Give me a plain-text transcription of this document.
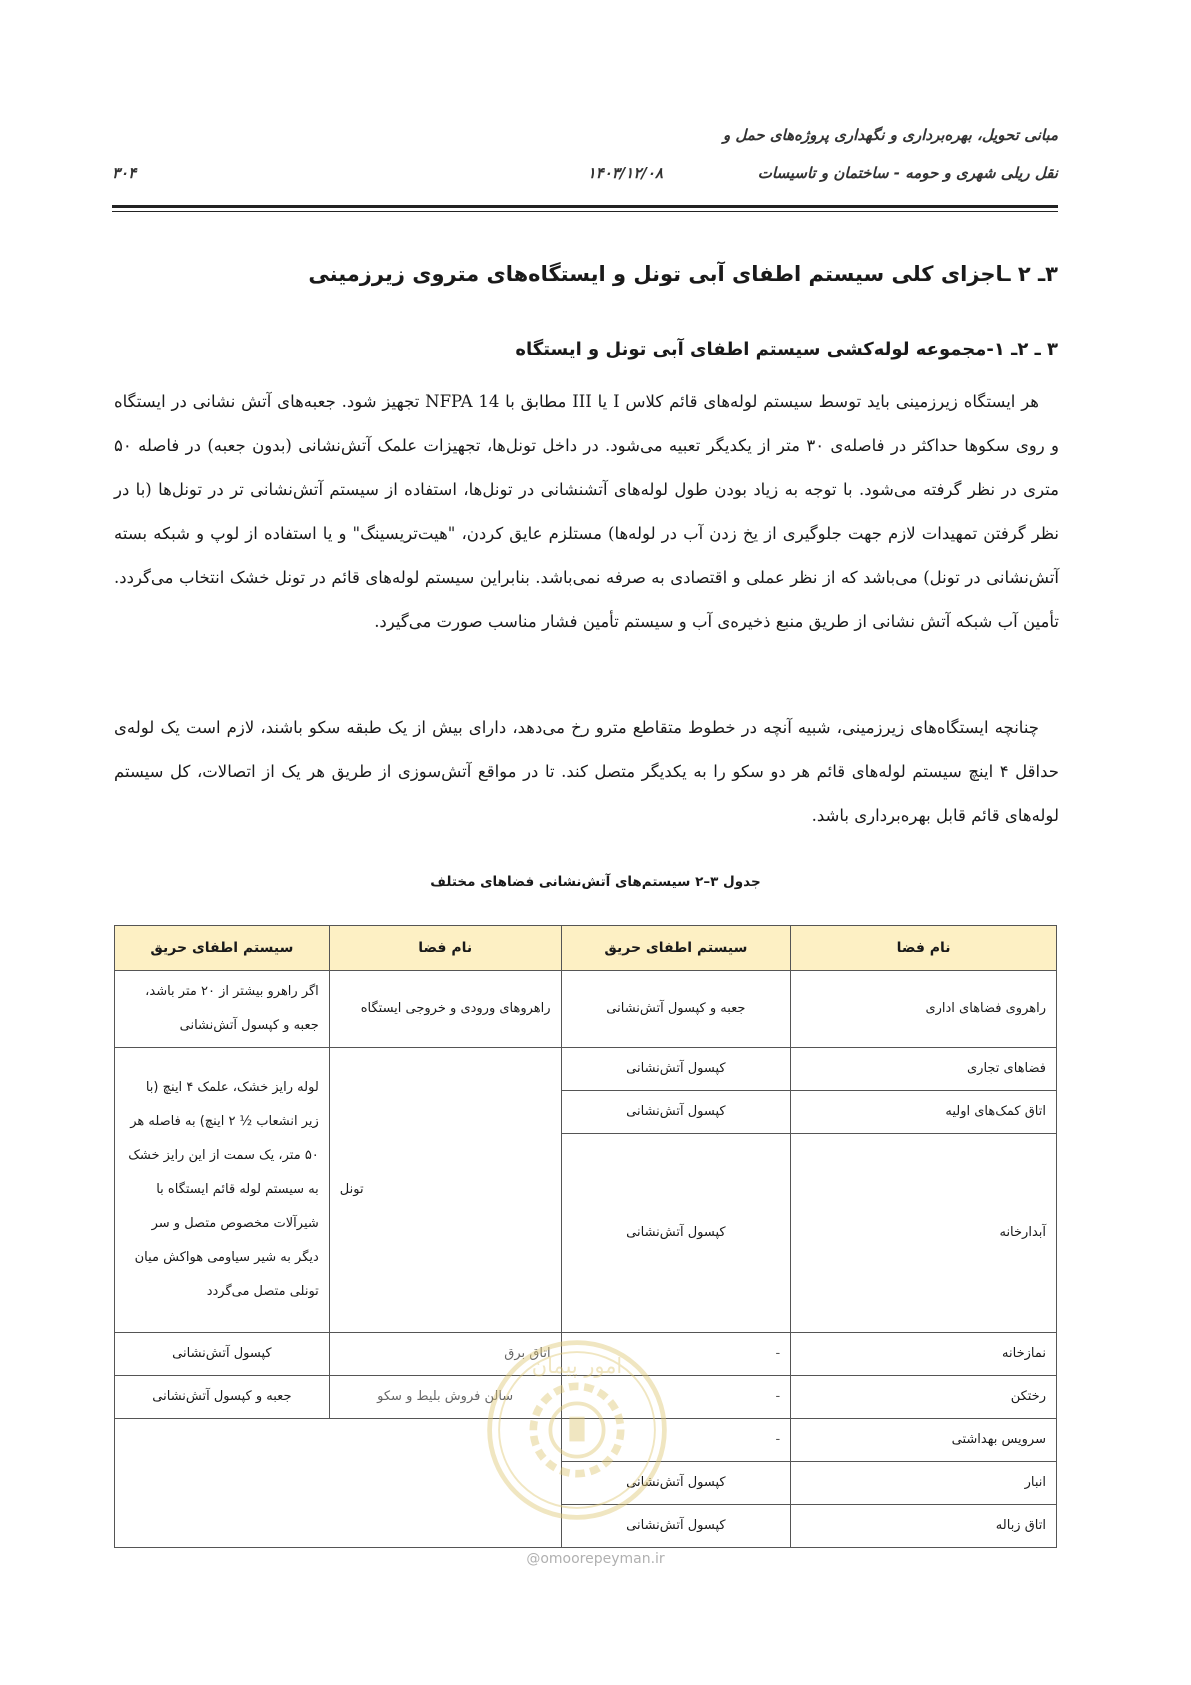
مبانی تحویل، بهره‌برداری و نگهداری پروژه‌های حمل و
نقل ریلی شهری و حومه - ساختمان و تاسیسات
۱۴۰۳/۱۲/۰۸
۳۰۴
۳ـ ۲ ـاجزای کلی سیستم اطفای آبی تونل و ایستگاه‌های متروی زیرزمینی
۳ ـ ۲ـ ۱-مجموعه لوله‌کشی سیستم اطفای آبی تونل و ایستگاه
هر ایستگاه زیرزمینی باید توسط سیستم لوله‌های قائم کلاس I یا III مطابق با NFPA 14 تجهیز شود. جعبه‌های آتش نشانی در ایستگاه و روی سکوها حداکثر در فاصله‌ی ۳۰ متر از یکدیگر تعبیه می‌شود. در داخل تونل‌ها، تجهیزات علمک آتش‌نشانی (بدون جعبه) در فاصله ۵۰ متری در نظر گرفته می‌شود. با توجه به زیاد بودن طول لوله‌های آتشنشانی در تونل‌ها، استفاده از سیستم آتش‌نشانی تر در تونل‌ها (با در نظر گرفتن تمهیدات لازم جهت جلوگیری از یخ زدن آب در لوله‌ها) مستلزم عایق کردن، "هیت‌تریسینگ" و یا استفاده از لوپ و شبکه بسته آتش‌نشانی در تونل) می‌باشد که از نظر عملی و اقتصادی به صرفه نمی‌باشد. بنابراین سیستم لوله‌های قائم در تونل خشک انتخاب می‌گردد. تأمین آب شبکه آتش نشانی از طریق منبع ذخیره‌ی آب و سیستم تأمین فشار مناسب صورت می‌گیرد.
چنانچه ایستگاه‌های زیرزمینی، شبیه آنچه در خطوط متقاطع مترو رخ می‌دهد، دارای بیش از یک طبقه سکو باشند، لازم است یک لوله‌ی حداقل ۴ اینچ سیستم لوله‌های قائم هر دو سکو را به یکدیگر متصل کند. تا در مواقع آتش‌سوزی از طریق هر یک از اتصالات، کل سیستم لوله‌های قائم قابل بهره‌برداری باشد.
جدول ۳–۲ سیستم‌های آتش‌نشانی فضاهای مختلف
نام فضا	سیستم اطفای حریق	نام فضا	سیستم اطفای حریق
راهروی فضاهای اداری	جعبه و کپسول آتش‌نشانی	راهروهای ورودی و خروجی ایستگاه	اگر راهرو بیشتر از ۲۰ متر باشد، جعبه و کپسول آتش‌نشانی
فضاهای تجاری	کپسول آتش‌نشانی	تونل	لوله رایز خشک، علمک ۴ اینچ (با زیر انشعاب ½ ۲ اینچ) به فاصله هر ۵۰ متر، یک سمت از این رایز خشک به سیستم لوله قائم ایستگاه با شیرآلات مخصوص متصل و سر دیگر به شیر سیاومی هواکش میان تونلی متصل می‌گردد
اتاق کمک‌های اولیه	کپسول آتش‌نشانی		
آبدارخانه	کپسول آتش‌نشانی		
نمازخانه	-	اتاق برق	کپسول آتش‌نشانی
رختکن	-	سالن فروش بلیط و سکو	جعبه و کپسول آتش‌نشانی
سرویس بهداشتی	-		
انبار	کپسول آتش‌نشانی		
اتاق زباله	کپسول آتش‌نشانی		
امور پیمان
@omoorepeyman.ir
